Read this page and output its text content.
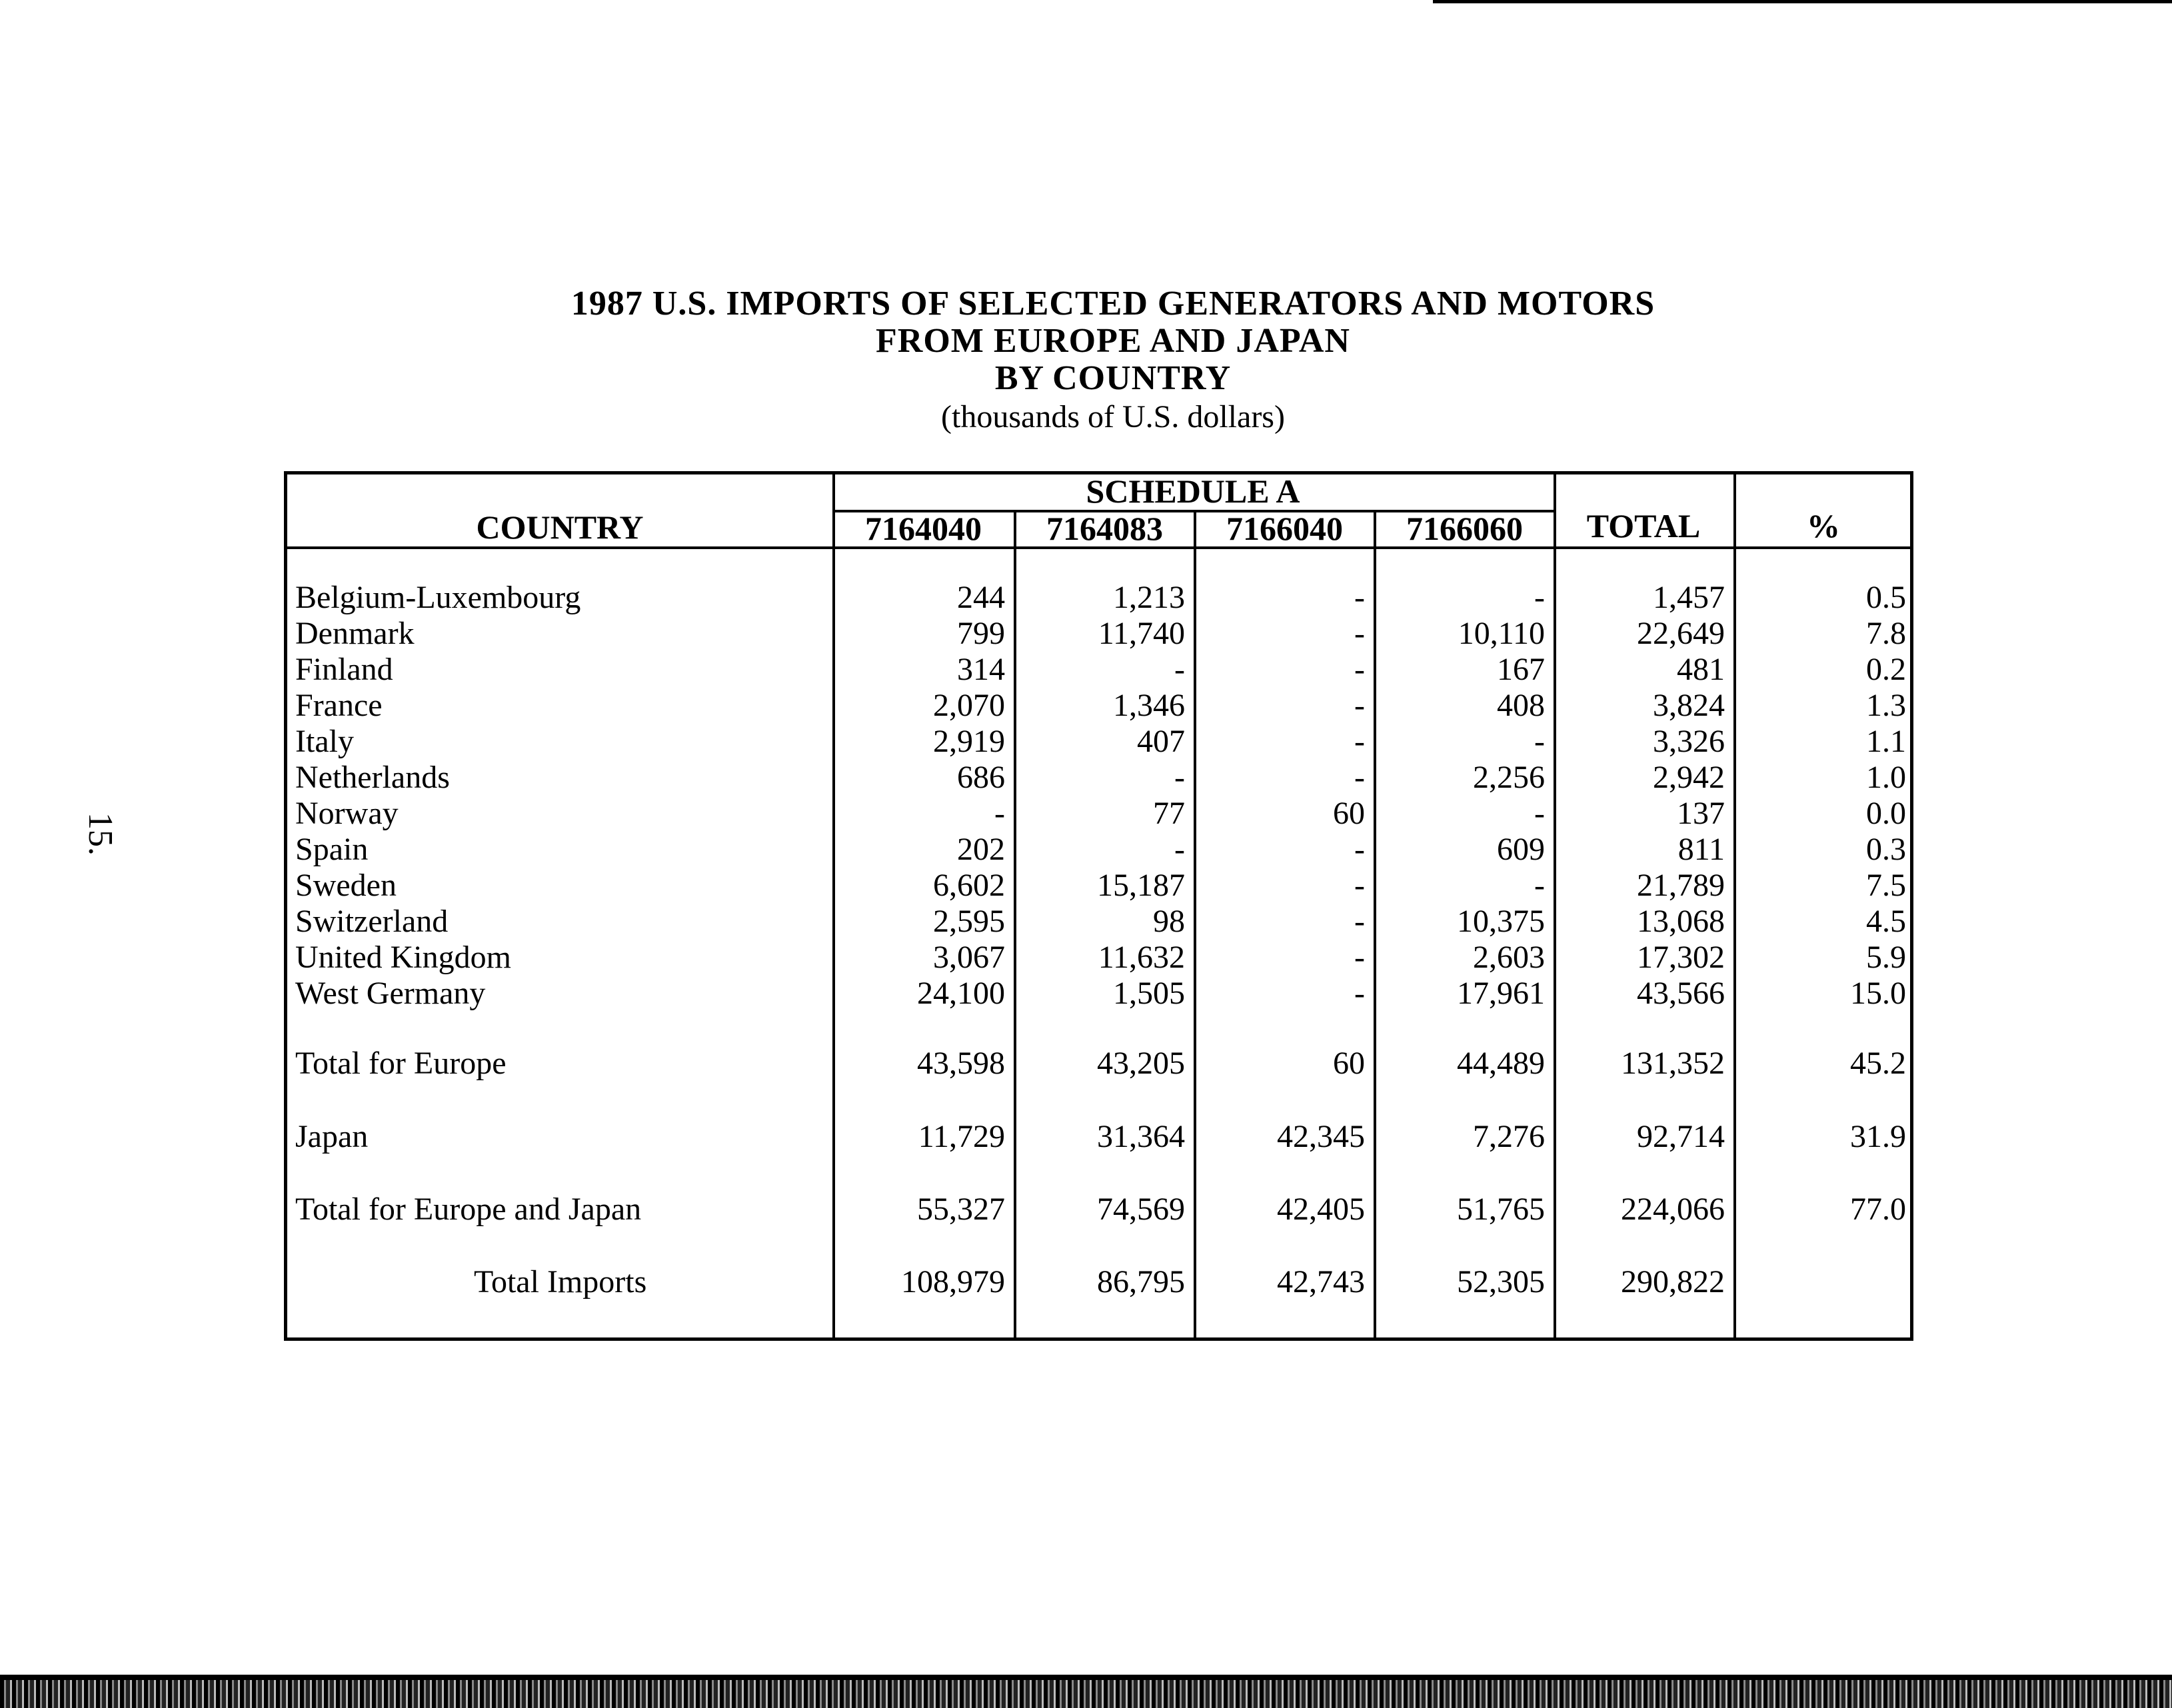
15.
1987 U.S. IMPORTS OF SELECTED GENERATORS AND MOTORS
FROM EUROPE AND JAPAN
BY COUNTRY
(thousands of U.S. dollars)
COUNTRY
SCHEDULE A
7164040	7164083	7166040	7166060	TOTAL	%
Belgium-Luxembourg	244	1,213	-	-	1,457	0.5
Denmark	799	11,740	-	10,110	22,649	7.8
Finland	314	-	-	167	481	0.2
France	2,070	1,346	-	408	3,824	1.3
Italy	2,919	407	-	-	3,326	1.1
Netherlands	686	-	-	2,256	2,942	1.0
Norway	-	77	60	-	137	0.0
Spain	202	-	-	609	811	0.3
Sweden	6,602	15,187	-	-	21,789	7.5
Switzerland	2,595	98	-	10,375	13,068	4.5
United Kingdom	3,067	11,632	-	2,603	17,302	5.9
West Germany	24,100	1,505	-	17,961	43,566	15.0
Total for Europe	43,598	43,205	60	44,489 131,352	45.2
Japan	11,729	31,364	42,345	7,276	92,714	31.9
Total for Europe and Japan	55,327	74,569	42,405	51,765 224,066	77.0
Total Imports	108,979	86,795	42,743	52,305 290,822
